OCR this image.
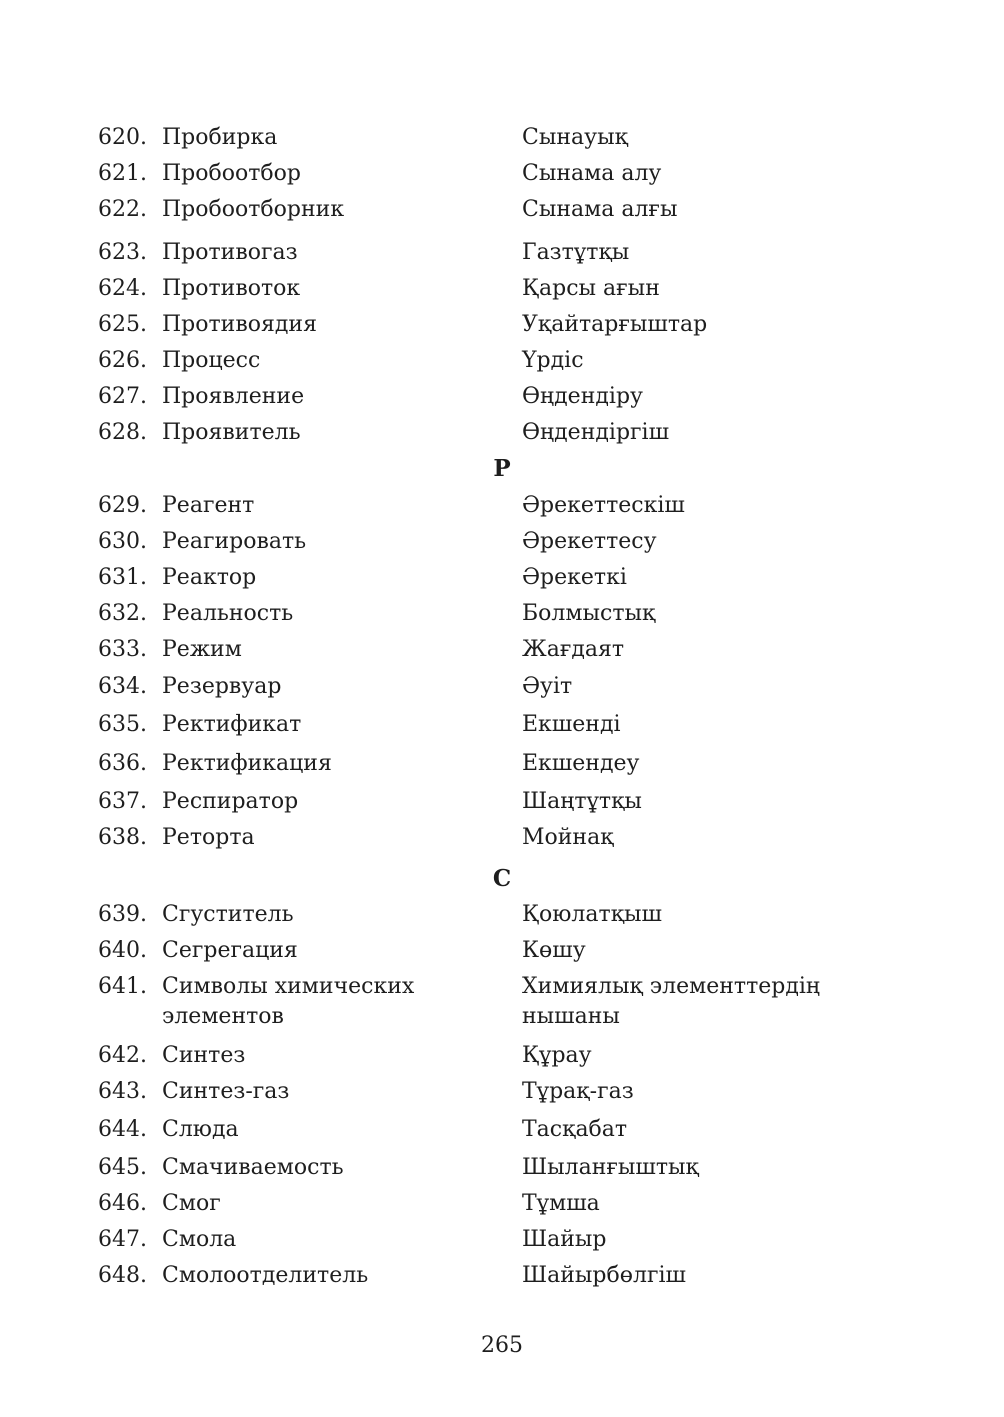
620. Пробирка	Сынауық
621. Пробоотбор	Сынама алу
622. Пробоотборник	Сынама алғы
623. Противогаз	Газтұтқы
624. Противоток	Қарсы ағын
625. Противоядия	Уқайтарғыштар
626. Процесс	Үрдіс
627. Проявление	Өңдендіру
628. Проявитель	Өңдендіргіш
Р
629. Реагент	Әрекеттескіш
630. Реагировать	Әрекеттесу
631. Реактор	Әрекеткі
632. Реальность	Болмыстық
633. Режим	Жағдаят
634. Резервуар	Әуіт
635. Ректификат	Екшенді
636. Ректификация	Екшендеу
637. Респиратор	Шаңтұтқы
638. Реторта	Мойнақ
С
639. Сгуститель	Қоюлатқыш
640. Сегрегация	Көшу
641. Символы химических	Химиялық элементтердің
элементов	нышаны
642. Синтез	Құрау
643. Синтез-газ	Тұрақ-газ
644. Слюда	Тасқабат
645. Смачиваемость	Шыланғыштық
646. Смог	Тұмша
647. Смола	Шайыр
648. Смолоотделитель	Шайырбөлгіш
265
